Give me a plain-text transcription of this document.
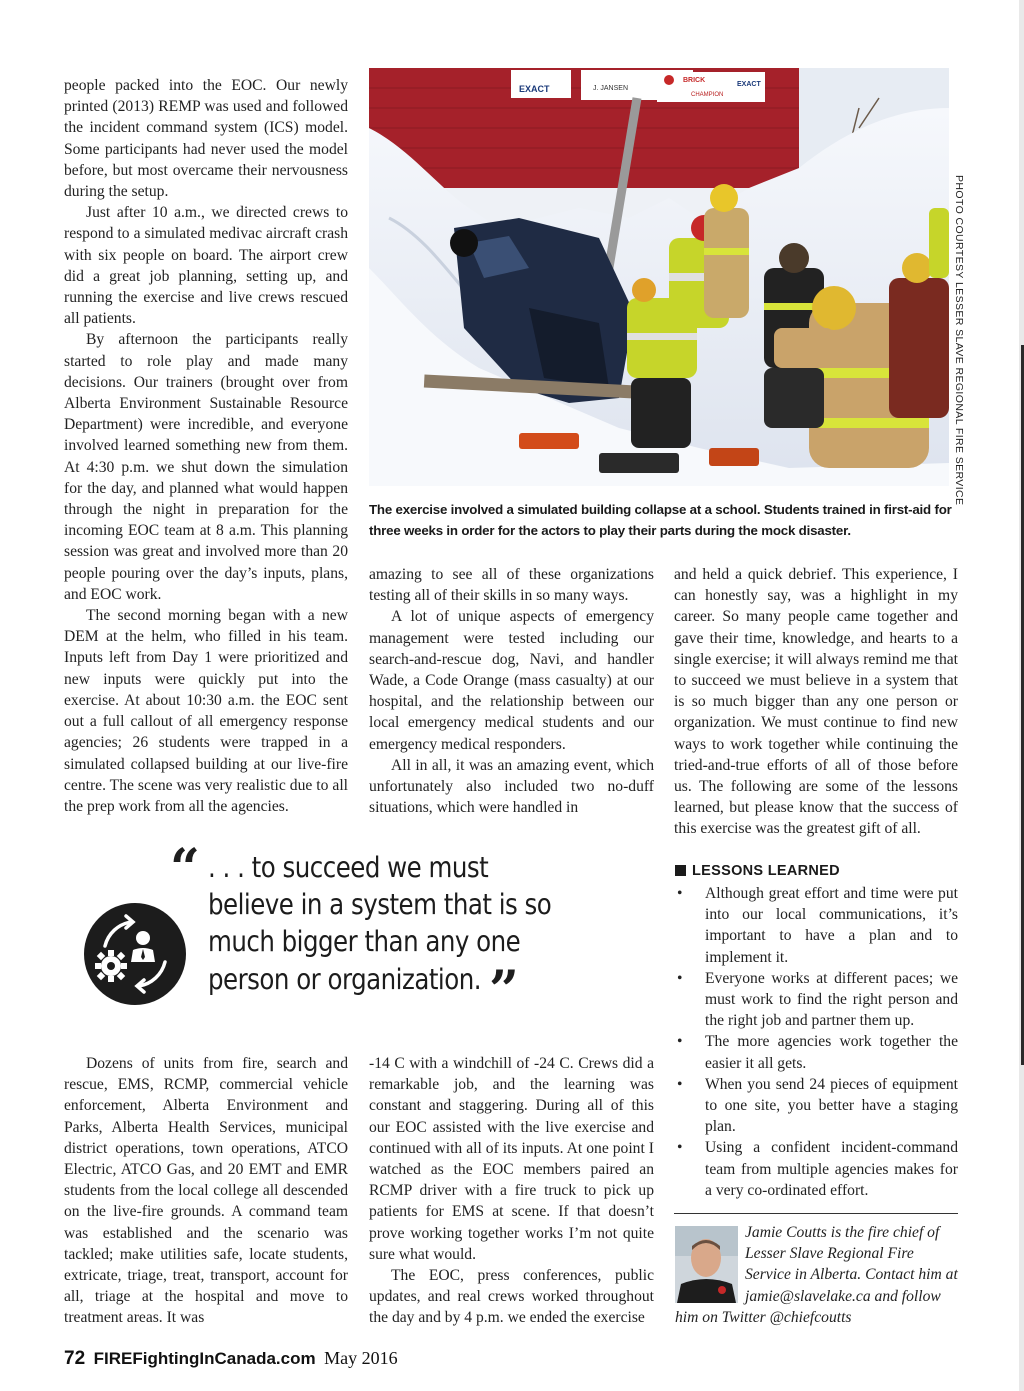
people packed into the EOC. Our newly printed (2013) REMP was used and followed the incident command system (ICS) model. Some participants had never used the model before, but most overcame their nervousness during the setup.

Just after 10 a.m., we directed crews to respond to a simulated medivac aircraft crash with six people on board. The airport crew did a great job planning, setting up, and running the exercise and live crews rescued all patients.

By afternoon the participants really started to role play and made many decisions. Our trainers (brought over from Alberta Environment Sustainable Resource Department) were incredible, and everyone involved learned something new from them. At 4:30 p.m. we shut down the simulation for the day, and planned what would happen through the night in preparation for the incoming EOC team at 8 a.m. This planning session was great and involved more than 20 people pouring over the day’s inputs, plans, and EOC work.

The second morning began with a new DEM at the helm, who filled in his team. Inputs left from Day 1 were prioritized and new inputs were quickly put into the exercise. At about 10:30 a.m. the EOC sent out a full callout of all emergency response agencies; 26 students were trapped in a simulated collapsed building at our live-fire centre. The scene was very realistic due to all the prep work from all the agencies.

EXACT	J. JANSEN
BRICK
EXACT
CHAMPION
PHOTO COURTESY LESSER SLAVE REGIONAL FIRE SERVICE
The exercise involved a simulated building collapse at a school. Students trained in first-aid for three weeks in order for the actors to play their parts during the mock disaster.

amazing to see all of these organizations testing all of their skills in so many ways.

A lot of unique aspects of emergency management were tested including our search-and-rescue dog, Navi, and handler Wade, a Code Orange (mass casualty) at our hospital, and the relationship between our local emergency medical students and our emergency medical responders.

All in all, it was an amazing event, which unfortunately also included two no-duff situations, which were handled in

and held a quick debrief. This experience, I can honestly say, was a highlight in my career. So many people came together and gave their time, knowledge, and hearts to a single exercise; it will always remind me that to succeed we must believe in a system that is so much bigger than any one person or organization. We must continue to find new ways to work together while continuing the tried-and-true efforts of all of those before us. The following are some of the lessons learned, but please know that the success of this exercise was the greatest gift of all.

“ . . . to succeed we must believe in a system that is so much bigger than any one person or organization. ”
LESSONS LEARNED
• Although great effort and time were put into our local communications, it’s important to have a plan and to implement it.
• Everyone works at different paces; we must work to find the right person and the right job and partner them up.
• The more agencies work together the easier it all gets.
• When you send 24 pieces of equipment to one site, you better have a staging plan.
• Using a confident incident-command team from multiple agencies makes for a very co-ordinated effort.

Dozens of units from fire, search and rescue, EMS, RCMP, commercial vehicle enforcement, Alberta Environment and Parks, Alberta Health Services, municipal district operations, town operations, ATCO Electric, ATCO Gas, and 20 EMT and EMR students from the local college all descended on the live-fire grounds. A command team was established and the scenario was tackled; make utilities safe, locate students, extricate, triage, treat, transport, account for all, triage at the hospital and move to treatment areas. It was

-14 C with a windchill of -24 C. Crews did a remarkable job, and the learning was constant and staggering. During all of this our EOC assisted with the live exercise and continued with all of its inputs. At one point I watched as the EOC members paired an RCMP driver with a fire truck to pick up patients for EMS at scene. If that doesn’t prove working together works I’m not quite sure what would.

The EOC, press conferences, public updates, and real crews worked throughout the day and by 4 p.m. we ended the exercise

Jamie Coutts is the fire chief of Lesser Slave Regional Fire Service in Alberta. Contact him at jamie@slavelake.ca and follow him on Twitter @chiefcoutts
72 FIREFightingInCanada.com May 2016
